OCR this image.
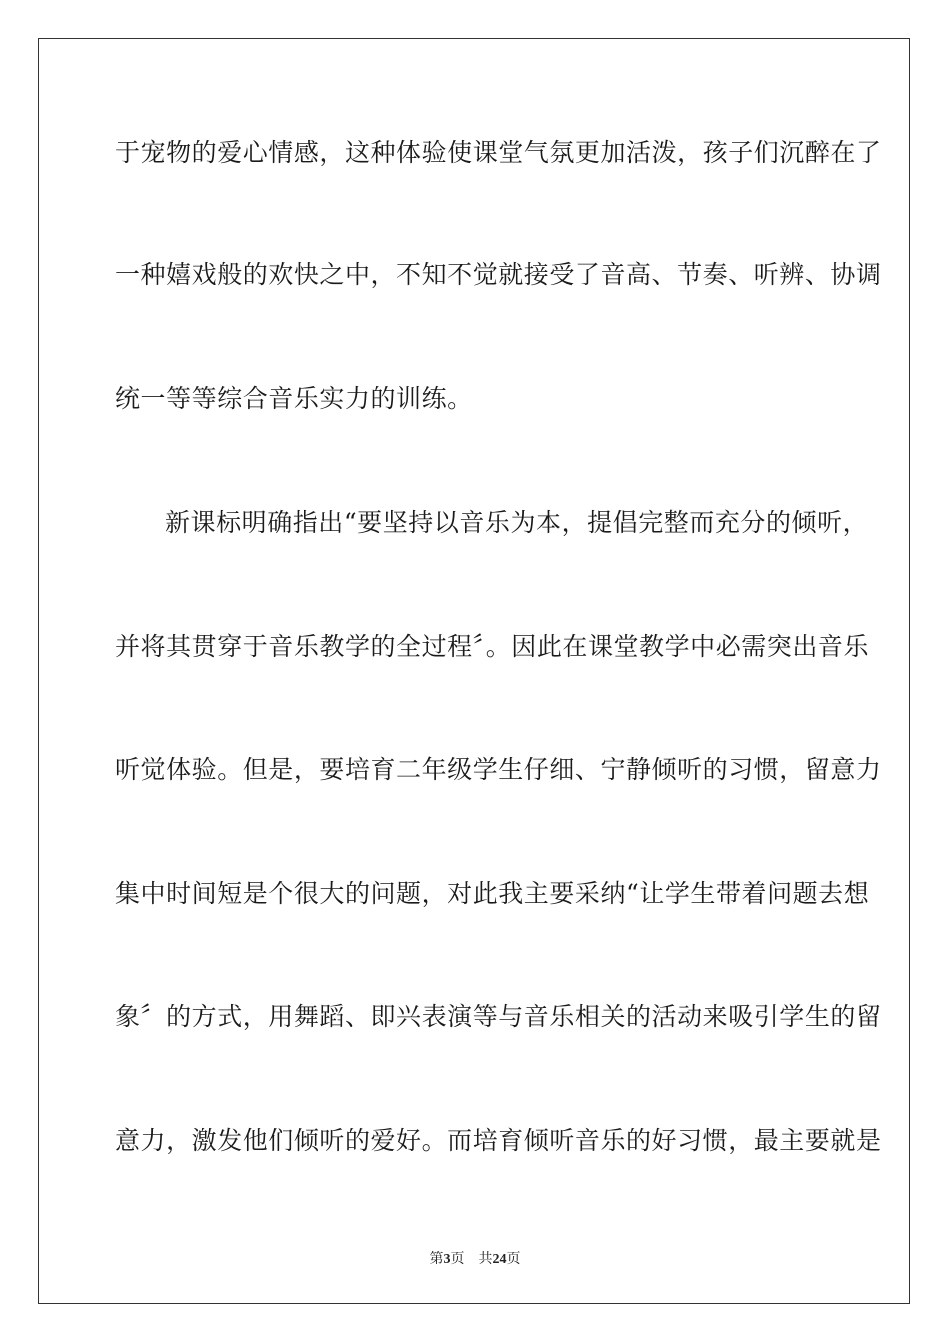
于宠物的爱心情感，这种体验使课堂气氛更加活泼，孩子们沉醉在了
一种嬉戏般的欢快之中，不知不觉就接受了音高、节奏、听辨、协调
统一等等综合音乐实力的训练。
新课标明确指出“要坚持以音乐为本，提倡完整而充分的倾听，
并将其贯穿于音乐教学的全过程〞。因此在课堂教学中必需突出音乐
听觉体验。但是，要培育二年级学生仔细、宁静倾听的习惯，留意力
集中时间短是个很大的问题，对此我主要采纳“让学生带着问题去想
象〞的方式，用舞蹈、即兴表演等与音乐相关的活动来吸引学生的留
意力，激发他们倾听的爱好。而培育倾听音乐的好习惯，最主要就是
第3页 共24页
